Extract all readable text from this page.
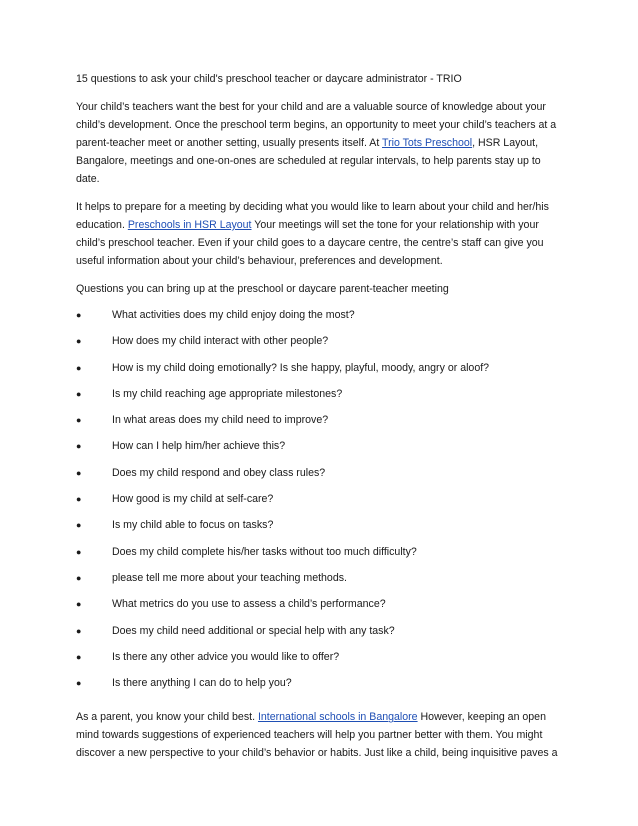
15 questions to ask your child's preschool teacher or daycare administrator - TRIO

Your child’s teachers want the best for your child and are a valuable source of knowledge about your child’s development. Once the preschool term begins, an opportunity to meet your child’s teachers at a parent-teacher meet or another setting, usually presents itself. At Trio Tots Preschool, HSR Layout, Bangalore, meetings and one-on-ones are scheduled at regular intervals, to help parents stay up to date.

It helps to prepare for a meeting by deciding what you would like to learn about your child and her/his education. Preschools in HSR Layout Your meetings will set the tone for your relationship with your child’s preschool teacher. Even if your child goes to a daycare centre, the centre’s staff can give you useful information about your child’s behaviour, preferences and development.

Questions you can bring up at the preschool or daycare parent-teacher meeting

●	What activities does my child enjoy doing the most?
●	How does my child interact with other people?
●	How is my child doing emotionally? Is she happy, playful, moody, angry or aloof?
●	Is my child reaching age appropriate milestones?
●	In what areas does my child need to improve?
●	How can I help him/her achieve this?
●	Does my child respond and obey class rules?
●	How good is my child at self-care?
●	Is my child able to focus on tasks?
●	Does my child complete his/her tasks without too much difficulty?
●	please tell me more about your teaching methods.
●	What metrics do you use to assess a child’s performance?
●	Does my child need additional or special help with any task?
●	Is there any other advice you would like to offer?
●	Is there anything I can do to help you?

As a parent, you know your child best. International schools in Bangalore However, keeping an open mind towards suggestions of experienced teachers will help you partner better with them. You might discover a new perspective to your child’s behavior or habits. Just like a child, being inquisitive paves a
